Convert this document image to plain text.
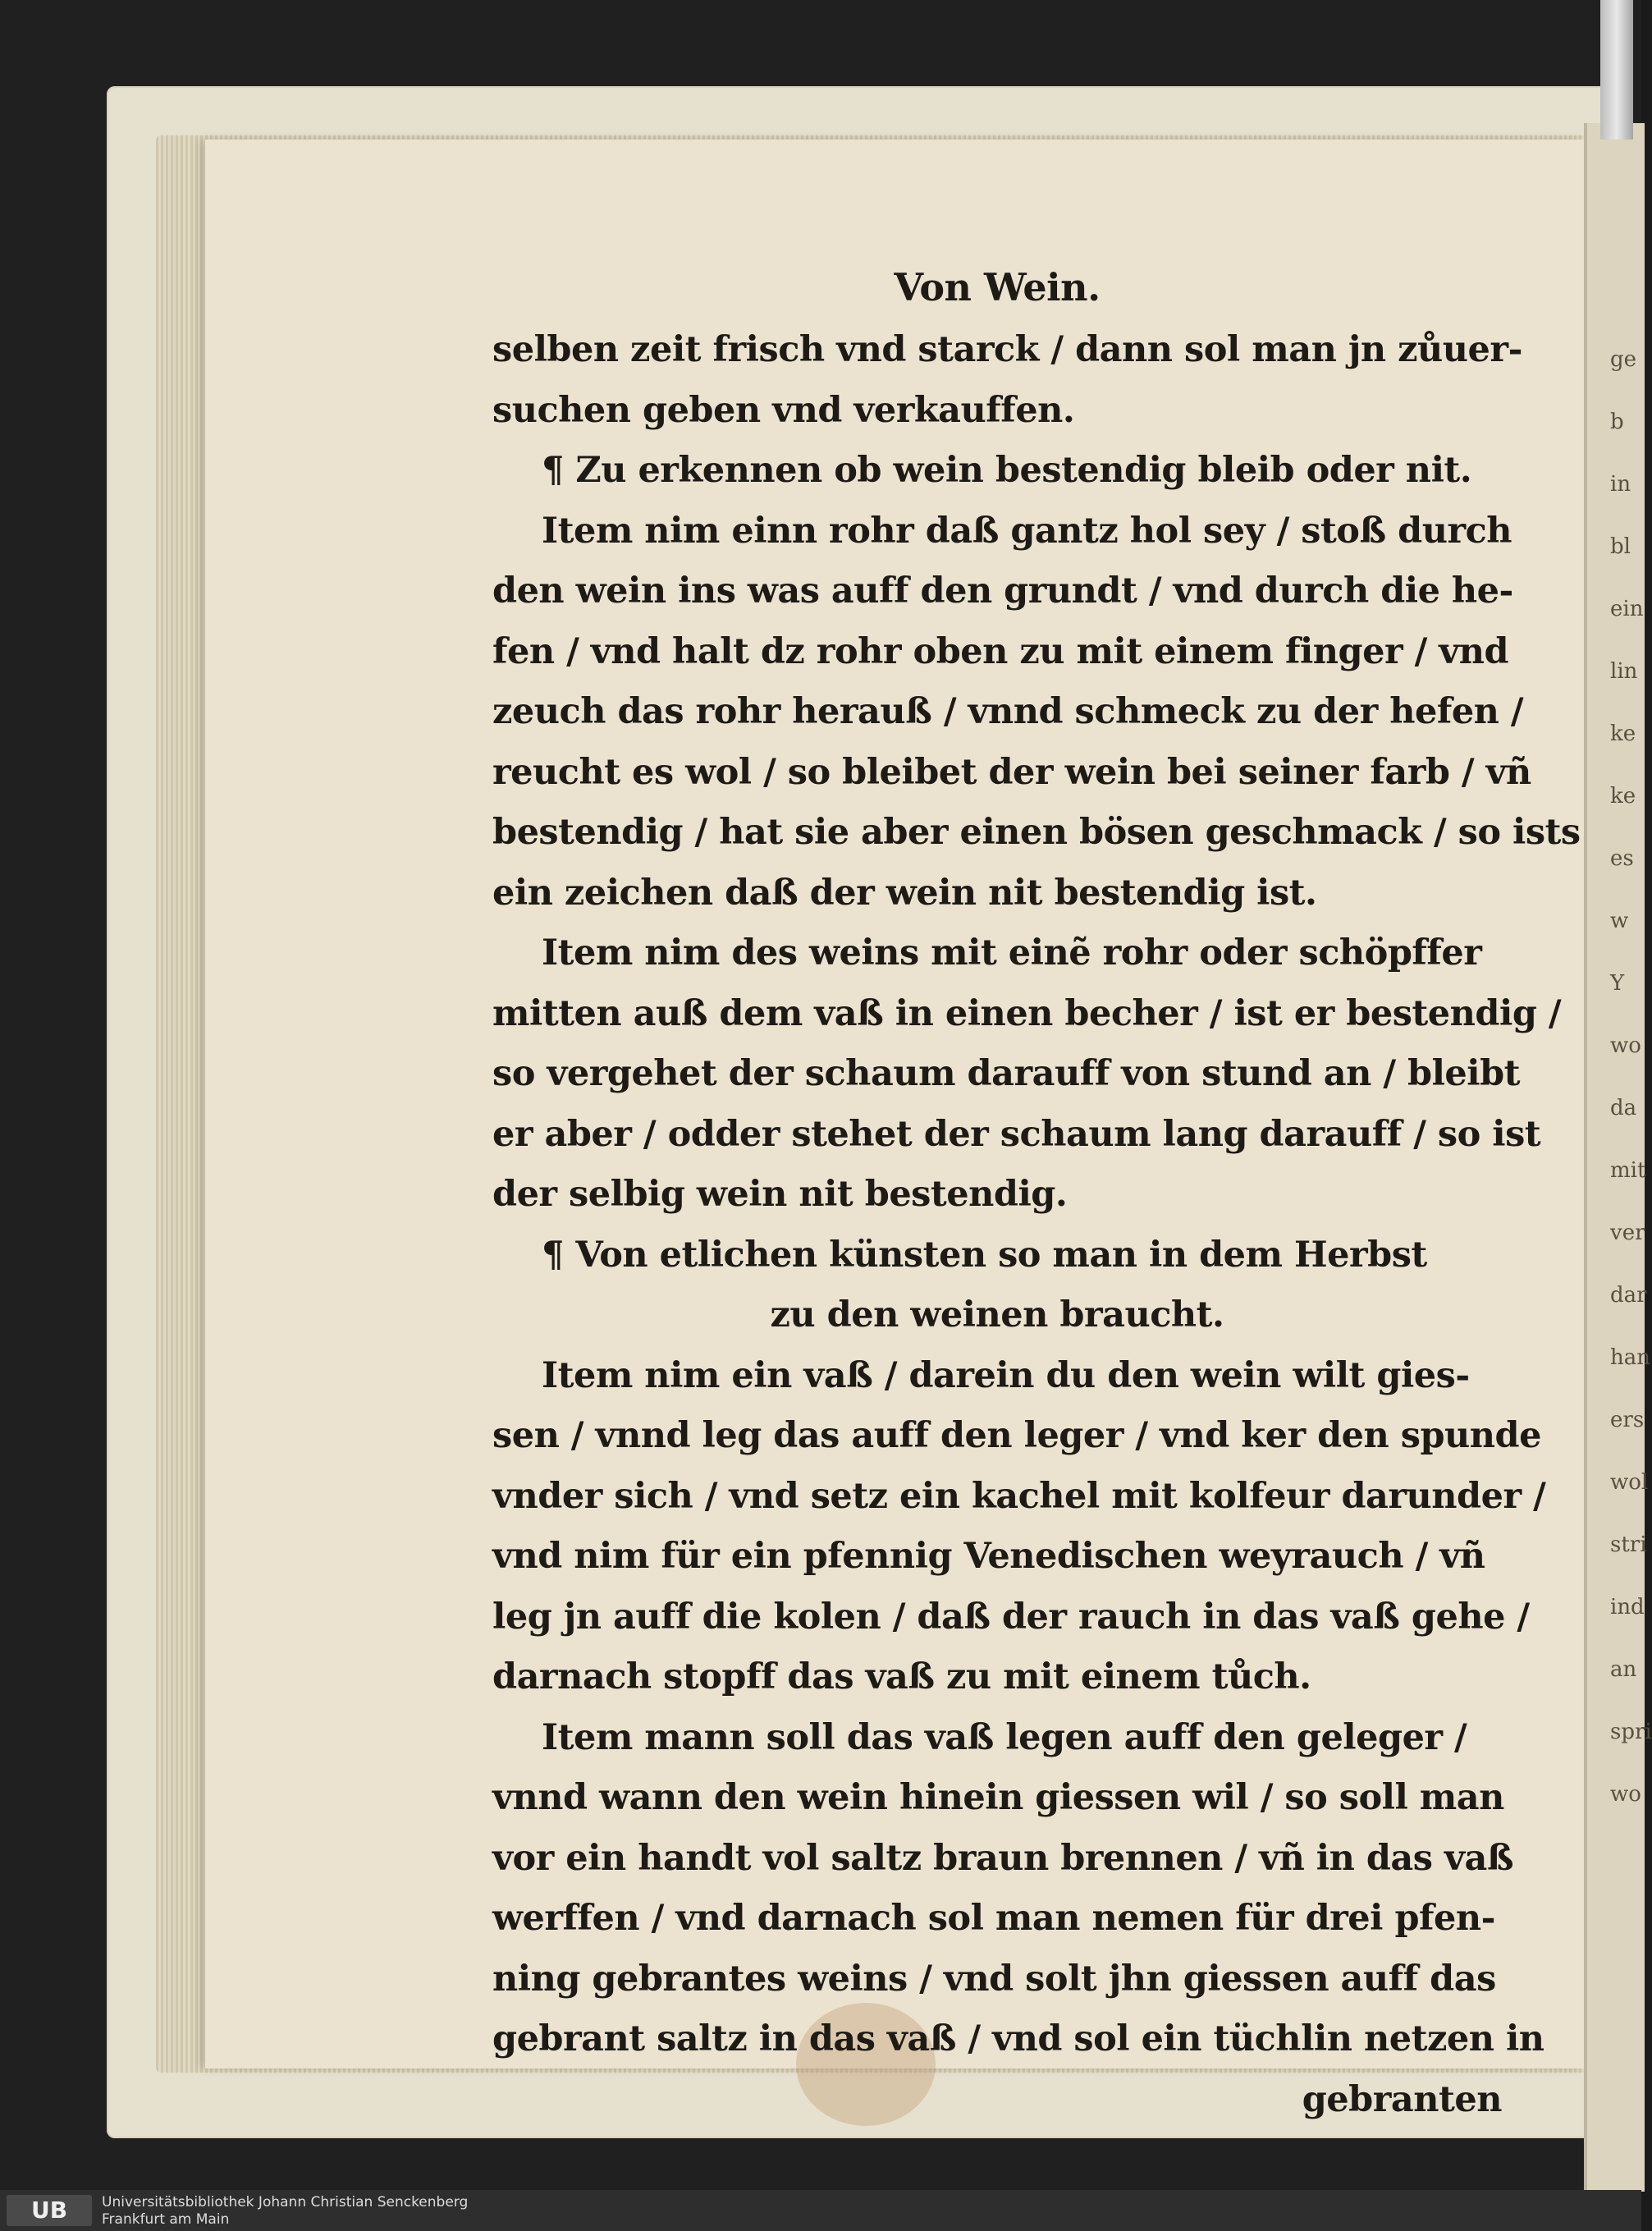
ge
b
in
bl
ein
lin
ke
ke
es
w
Y
wo
da
mit
ver
dar
han
ers
wol
stri
ind
an
spri
wo
Von Wein.
selben zeit frisch vnd starck / dann sol man jn zůuer-
suchen geben vnd verkauffen.
¶ Zu erkennen ob wein bestendig bleib oder nit.
Item nim einn rohr daß gantz hol sey / stoß durch
den wein ins was auff den grundt / vnd durch die he-
fen / vnd halt dz rohr oben zu mit einem finger / vnd
zeuch das rohr herauß / vnnd schmeck zu der hefen /
reucht es wol / so bleibet der wein bei seiner farb / vñ
bestendig / hat sie aber einen bösen geschmack / so ists
ein zeichen daß der wein nit bestendig ist.
Item nim des weins mit einẽ rohr oder schöpffer
mitten auß dem vaß in einen becher / ist er bestendig /
so vergehet der schaum darauff von stund an / bleibt
er aber / odder stehet der schaum lang darauff / so ist
der selbig wein nit bestendig.
¶ Von etlichen künsten so man in dem Herbst
zu den weinen braucht.
Item nim ein vaß / darein du den wein wilt gies-
sen / vnnd leg das auff den leger / vnd ker den spunde
vnder sich / vnd setz ein kachel mit kolfeur darunder /
vnd nim für ein pfennig Venedischen weyrauch / vñ
leg jn auff die kolen / daß der rauch in das vaß gehe /
darnach stopff das vaß zu mit einem tůch.
Item mann soll das vaß legen auff den geleger /
vnnd wann den wein hinein giessen wil / so soll man
vor ein handt vol saltz braun brennen / vñ in das vaß
werffen / vnd darnach sol man nemen für drei pfen-
ning gebrantes weins / vnd solt jhn giessen auff das
gebrant saltz in das vaß / vnd sol ein tüchlin netzen in
gebranten
UB	Universitätsbibliothek Johann Christian Senckenberg
Frankfurt am Main
